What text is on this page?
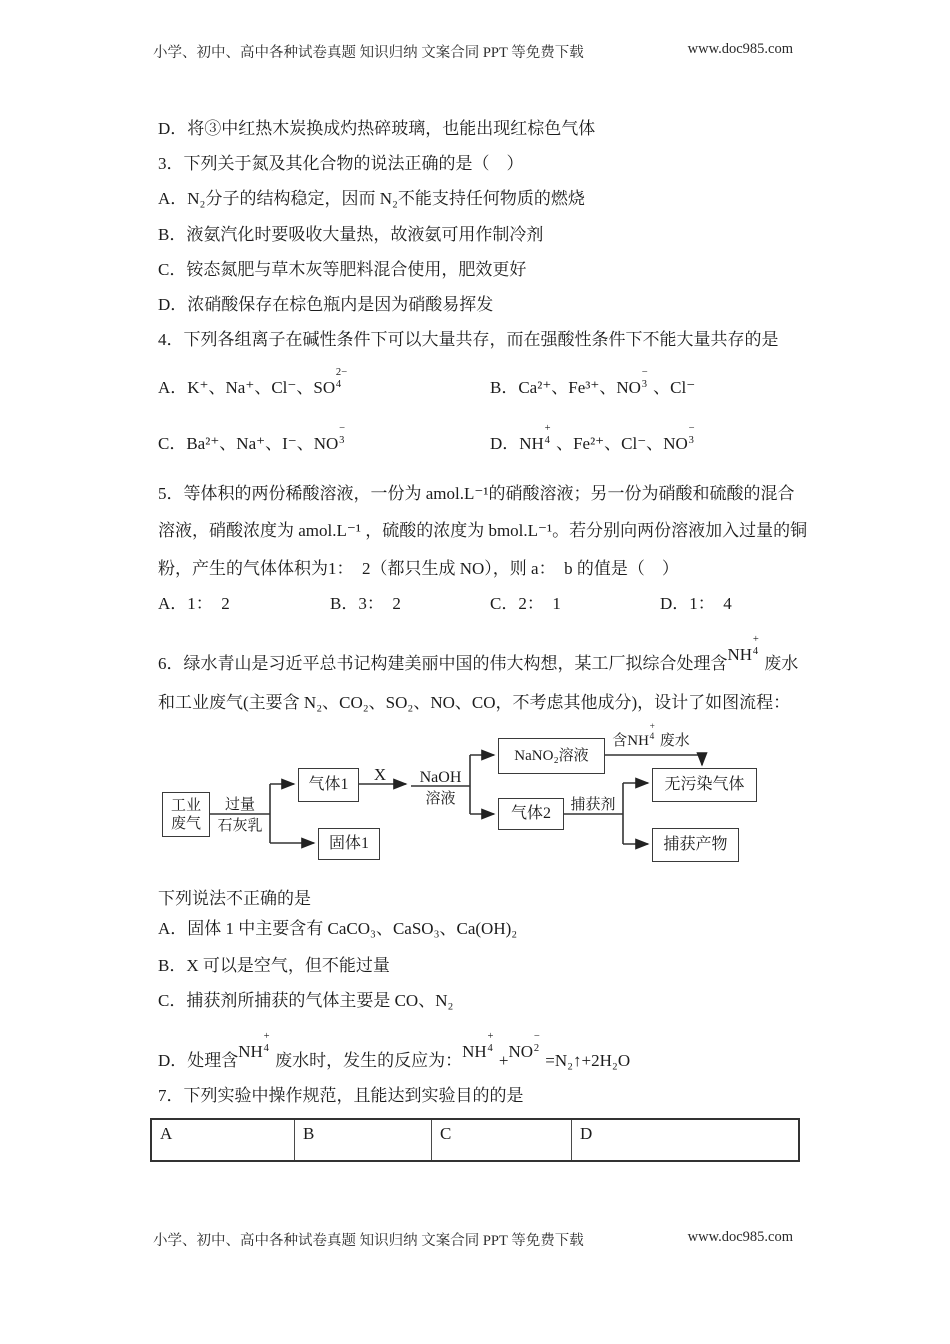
小学、初中、高中各种试卷真题 知识归纳 文案合同 PPT 等免费下载	www.doc985.com
D．将③中红热木炭换成灼热碎玻璃，也能出现红棕色气体
3．下列关于氮及其化合物的说法正确的是（　）
A．N₂分子的结构稳定，因而 N₂不能支持任何物质的燃烧
B．液氨汽化时要吸收大量热，故液氨可用作制冷剂
C．铵态氮肥与草木灰等肥料混合使用，肥效更好
D．浓硝酸保存在棕色瓶内是因为硝酸易挥发
4．下列各组离子在碱性条件下可以大量共存，而在强酸性条件下不能大量共存的是
A．K⁺、Na⁺、Cl⁻、SO
2−
4	B．Ca²⁺、Fe³⁺、NO
−
3 、Cl⁻
C．Ba²⁺、Na⁺、I⁻、NO
−
3	D．NH
+
4 、Fe²⁺、Cl⁻、NO
−
3
5．等体积的两份稀酸溶液，一份为 amol.L⁻¹的硝酸溶液；另一份为硝酸和硫酸的混合
溶液，硝酸浓度为 amol.L⁻¹ ，硫酸的浓度为 bmol.L⁻¹。若分别向两份溶液加入过量的铜
粉，产生的气体体积为1：　2（都只生成 NO），则 a：　b 的值是（　）
A．1：　2	B．3：　2	C．2：　1	D．1：　4
6．绿水青山是习近平总书记构建美丽中国的伟大构想，某工厂拟综合处理含NH
+
4
废水
和工业废气(主要含 N₂、CO₂、SO₂、NO、CO，不考虑其他成分)，设计了如图流程：
工业
废气
过量
石灰乳
气体1
固体1
X	NaOH
溶液
NaNO₂溶液
含NH
+
4 废水
气体2
捕获剂
无污染气体
捕获产物
下列说法不正确的是
A．固体 1 中主要含有 CaCO₃、CaSO₃、Ca(OH)₂
B．X 可以是空气，但不能过量
C．捕获剂所捕获的气体主要是 CO、N₂
D．处理含NH
+
4
废水时，发生的反应为：NH
+
4
+NO
−
2
=N₂↑+2H₂O
7．下列实验中操作规范，且能达到实验目的的是
A	B	C	D
小学、初中、高中各种试卷真题 知识归纳 文案合同 PPT 等免费下载	www.doc985.com
